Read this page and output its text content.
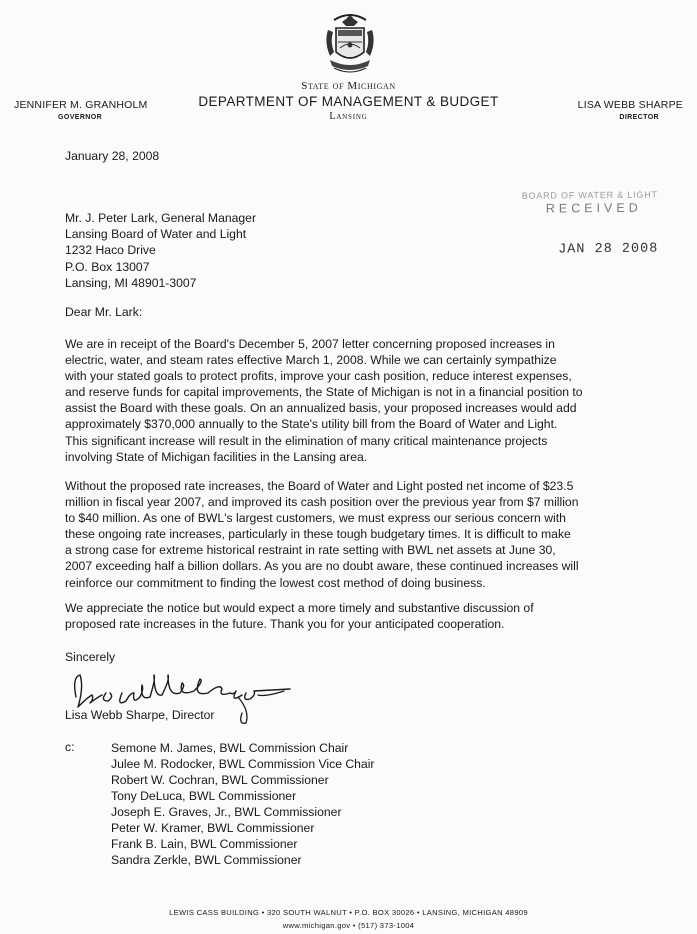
State of Michigan
DEPARTMENT OF MANAGEMENT & BUDGET
Lansing
JENNIFER M. GRANHOLM
GOVERNOR
LISA WEBB SHARPE
DIRECTOR
January 28, 2008
BOARD OF WATER & LIGHT
RECEIVED
JAN 28 2008
Mr. J. Peter Lark, General Manager
Lansing Board of Water and Light
1232 Haco Drive
P.O. Box 13007
Lansing, MI 48901-3007
Dear Mr. Lark:
We are in receipt of the Board's December 5, 2007 letter concerning proposed increases in
electric, water, and steam rates effective March 1, 2008. While we can certainly sympathize
with your stated goals to protect profits, improve your cash position, reduce interest expenses,
and reserve funds for capital improvements, the State of Michigan is not in a financial position to
assist the Board with these goals. On an annualized basis, your proposed increases would add
approximately $370,000 annually to the State's utility bill from the Board of Water and Light.
This significant increase will result in the elimination of many critical maintenance projects
involving State of Michigan facilities in the Lansing area.
Without the proposed rate increases, the Board of Water and Light posted net income of $23.5
million in fiscal year 2007, and improved its cash position over the previous year from $7 million
to $40 million. As one of BWL's largest customers, we must express our serious concern with
these ongoing rate increases, particularly in these tough budgetary times. It is difficult to make
a strong case for extreme historical restraint in rate setting with BWL net assets at June 30,
2007 exceeding half a billion dollars. As you are no doubt aware, these continued increases will
reinforce our commitment to finding the lowest cost method of doing business.
We appreciate the notice but would expect a more timely and substantive discussion of
proposed rate increases in the future. Thank you for your anticipated cooperation.
Sincerely
Lisa Webb Sharpe, Director
c:	Semone M. James, BWL Commission Chair
Julee M. Rodocker, BWL Commission Vice Chair
Robert W. Cochran, BWL Commissioner
Tony DeLuca, BWL Commissioner
Joseph E. Graves, Jr., BWL Commissioner
Peter W. Kramer, BWL Commissioner
Frank B. Lain, BWL Commissioner
Sandra Zerkle, BWL Commissioner
LEWIS CASS BUILDING • 320 SOUTH WALNUT • P.O. BOX 30026 • LANSING, MICHIGAN 48909
www.michigan.gov • (517) 373-1004
